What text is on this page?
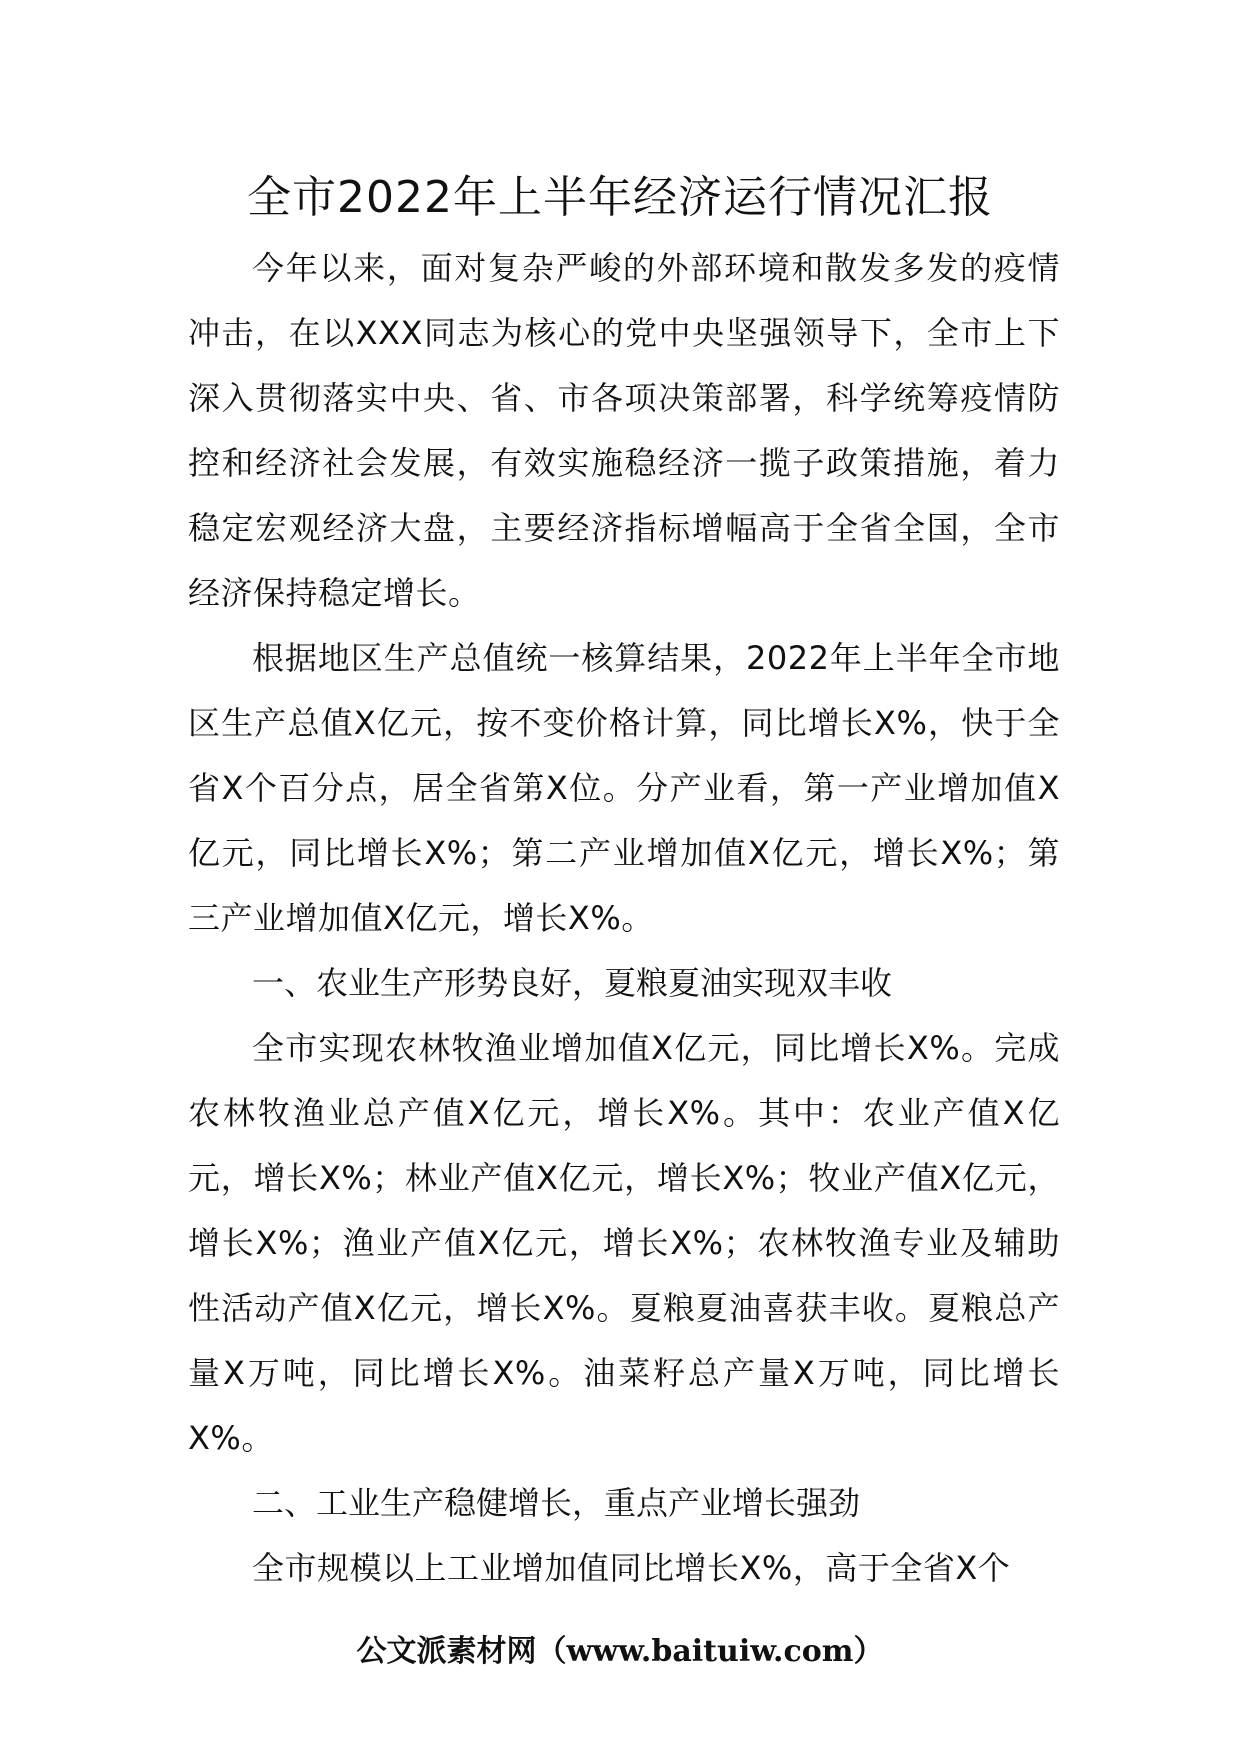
全市2022年上半年经济运行情况汇报

今年以来，面对复杂严峻的外部环境和散发多发的疫情冲击，在以XXX同志为核心的党中央坚强领导下，全市上下深入贯彻落实中央、省、市各项决策部署，科学统筹疫情防控和经济社会发展，有效实施稳经济一揽子政策措施，着力稳定宏观经济大盘，主要经济指标增幅高于全省全国，全市经济保持稳定增长。

根据地区生产总值统一核算结果，2022年上半年全市地区生产总值X亿元，按不变价格计算，同比增长X%，快于全省X个百分点，居全省第X位。分产业看，第一产业增加值X亿元，同比增长X%；第二产业增加值X亿元，增长X%；第三产业增加值X亿元，增长X%。

一、农业生产形势良好，夏粮夏油实现双丰收

全市实现农林牧渔业增加值X亿元，同比增长X%。完成农林牧渔业总产值X亿元，增长X%。其中：农业产值X亿元，增长X%；林业产值X亿元，增长X%；牧业产值X亿元，增长X%；渔业产值X亿元，增长X%；农林牧渔专业及辅助性活动产值X亿元，增长X%。夏粮夏油喜获丰收。夏粮总产量X万吨，同比增长X%。油菜籽总产量X万吨，同比增长X%。

二、工业生产稳健增长，重点产业增长强劲

全市规模以上工业增加值同比增长X%，高于全省X个

公文派素材网（www.baituiw.com）
